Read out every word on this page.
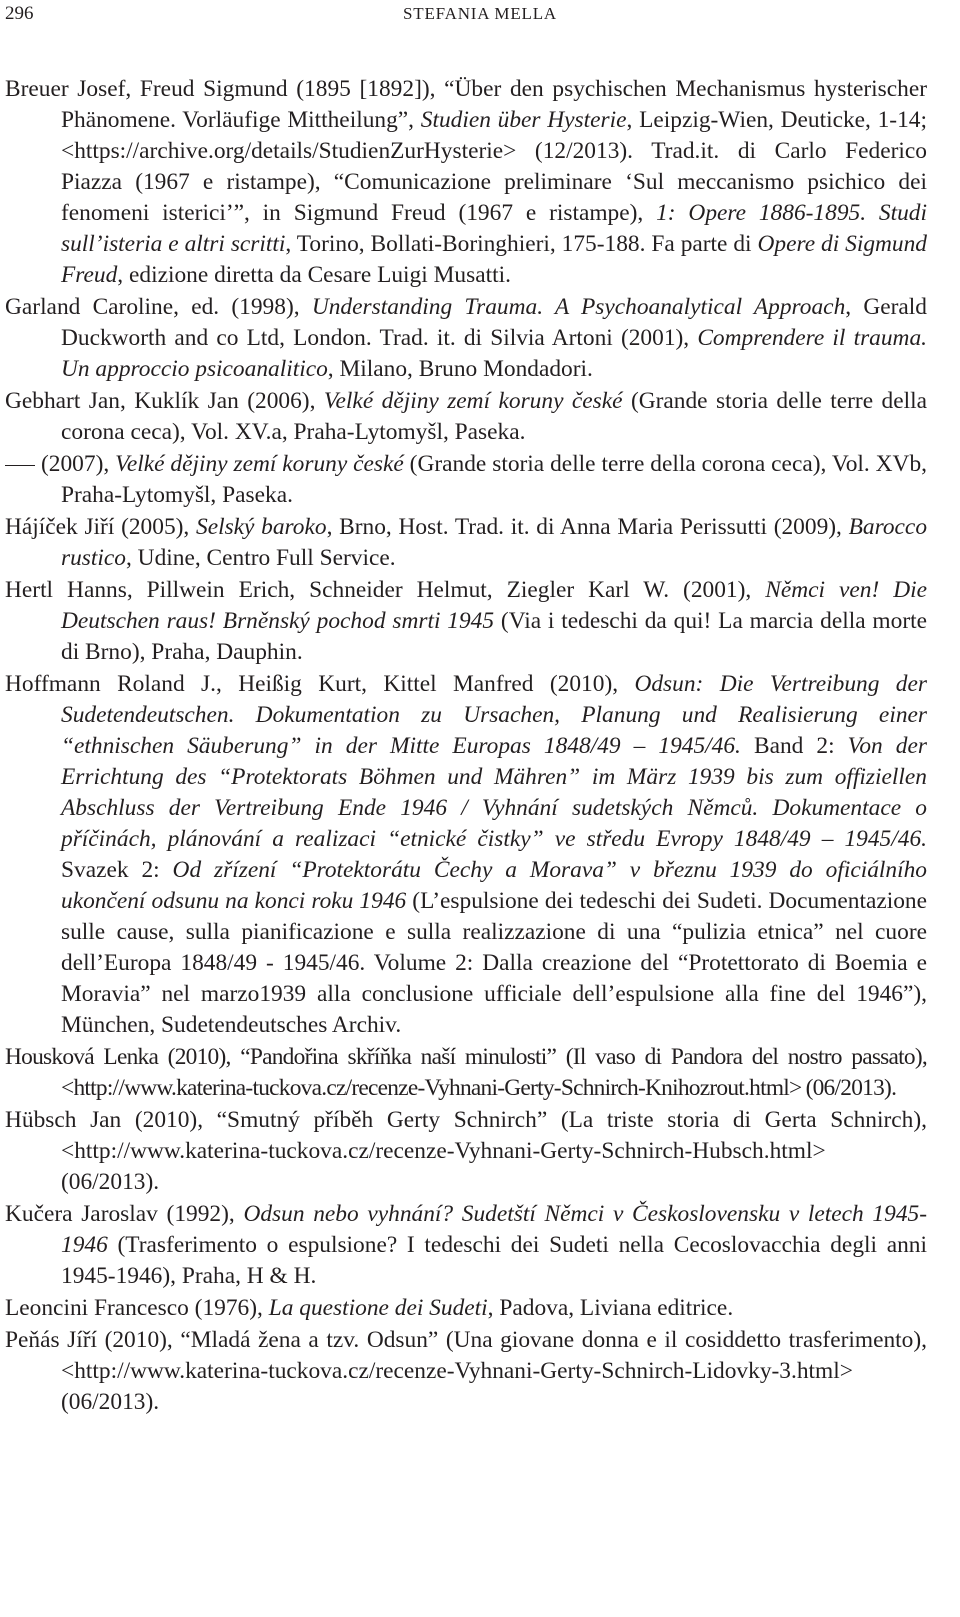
296	STEFANIA MELLA

Breuer Josef, Freud Sigmund (1895 [1892]), “Über den psychischen Mechanismus hysterischer Phänomene. Vorläufige Mittheilung”, Studien über Hysterie, Leipzig-Wien, Deuticke, 1-14; <https://archive.org/details/StudienZurHysterie> (12/2013). Trad.it. di Carlo Federico Piazza (1967 e ristampe), “Comunicazione preliminare ‘Sul meccanismo psichico dei fenomeni isterici’”, in Sigmund Freud (1967 e ristampe), 1: Opere 1886-1895. Studi sull’isteria e altri scritti, Torino, Bollati-Boringhieri, 175-188. Fa parte di Opere di Sigmund Freud, edizione diretta da Cesare Luigi Musatti.

Garland Caroline, ed. (1998), Understanding Trauma. A Psychoanalytical Approach, Gerald Duckworth and co Ltd, London. Trad. it. di Silvia Artoni (2001), Comprendere il trauma. Un approccio psicoanalitico, Milano, Bruno Mondadori.

Gebhart Jan, Kuklík Jan (2006), Velké dějiny zemí koruny české (Grande storia delle terre della corona ceca), Vol. XV.a, Praha-Lytomyšl, Paseka.

(2007), Velké dějiny zemí koruny české (Grande storia delle terre della corona ceca), Vol. XVb, Praha-Lytomyšl, Paseka.

Hájíček Jiří (2005), Selský baroko, Brno, Host. Trad. it. di Anna Maria Perissutti (2009), Barocco rustico, Udine, Centro Full Service.

Hertl Hanns, Pillwein Erich, Schneider Helmut, Ziegler Karl W. (2001), Němci ven! Die Deutschen raus! Brněnský pochod smrti 1945 (Via i tedeschi da qui! La marcia della morte di Brno), Praha, Dauphin.

Hoffmann Roland J., Heißig Kurt, Kittel Manfred (2010), Odsun: Die Vertreibung der Sudetendeutschen. Dokumentation zu Ursachen, Planung und Realisierung einer “ethnischen Säuberung” in der Mitte Europas 1848/49 – 1945/46. Band 2: Von der Errichtung des “Protektorats Böhmen und Mähren” im März 1939 bis zum offiziellen Abschluss der Vertreibung Ende 1946 / Vyhnání sudetských Němců. Dokumentace o příčinách, plánování a realizaci “etnické čistky” ve středu Evropy 1848/49 – 1945/46. Svazek 2: Od zřízení “Protektorátu Čechy a Morava” v březnu 1939 do oficiálního ukončení odsunu na konci roku 1946 (L’espulsione dei tedeschi dei Sudeti. Documentazione sulle cause, sulla pianificazione e sulla realizzazione di una “pulizia etnica” nel cuore dell’Europa 1848/49 - 1945/46. Volume 2: Dalla creazione del “Protettorato di Boemia e Moravia” nel marzo1939 alla conclusione ufficiale dell’espulsione alla fine del 1946”), München, Sudetendeutsches Archiv.

Housková Lenka (2010), “Pandořina skříňka naší minulosti” (Il vaso di Pandora del nostro passato), <http://www.katerina-tuckova.cz/recenze-Vyhnani-Gerty-Schnirch-Knihozrout.html> (06/2013).

Hübsch Jan (2010), “Smutný příběh Gerty Schnirch” (La triste storia di Gerta Schnirch), <http://www.katerina-tuckova.cz/recenze-Vyhnani-Gerty-Schnirch-Hubsch.html> (06/2013).

Kučera Jaroslav (1992), Odsun nebo vyhnání? Sudetští Němci v Československu v letech 1945-1946 (Trasferimento o espulsione? I tedeschi dei Sudeti nella Cecoslovacchia degli anni 1945-1946), Praha, H & H.

Leoncini Francesco (1976), La questione dei Sudeti, Padova, Liviana editrice.

Peňás Jíří (2010), “Mladá žena a tzv. Odsun” (Una giovane donna e il cosiddetto trasferimento), <http://www.katerina-tuckova.cz/recenze-Vyhnani-Gerty-Schnirch-Lidovky-3.html> (06/2013).
